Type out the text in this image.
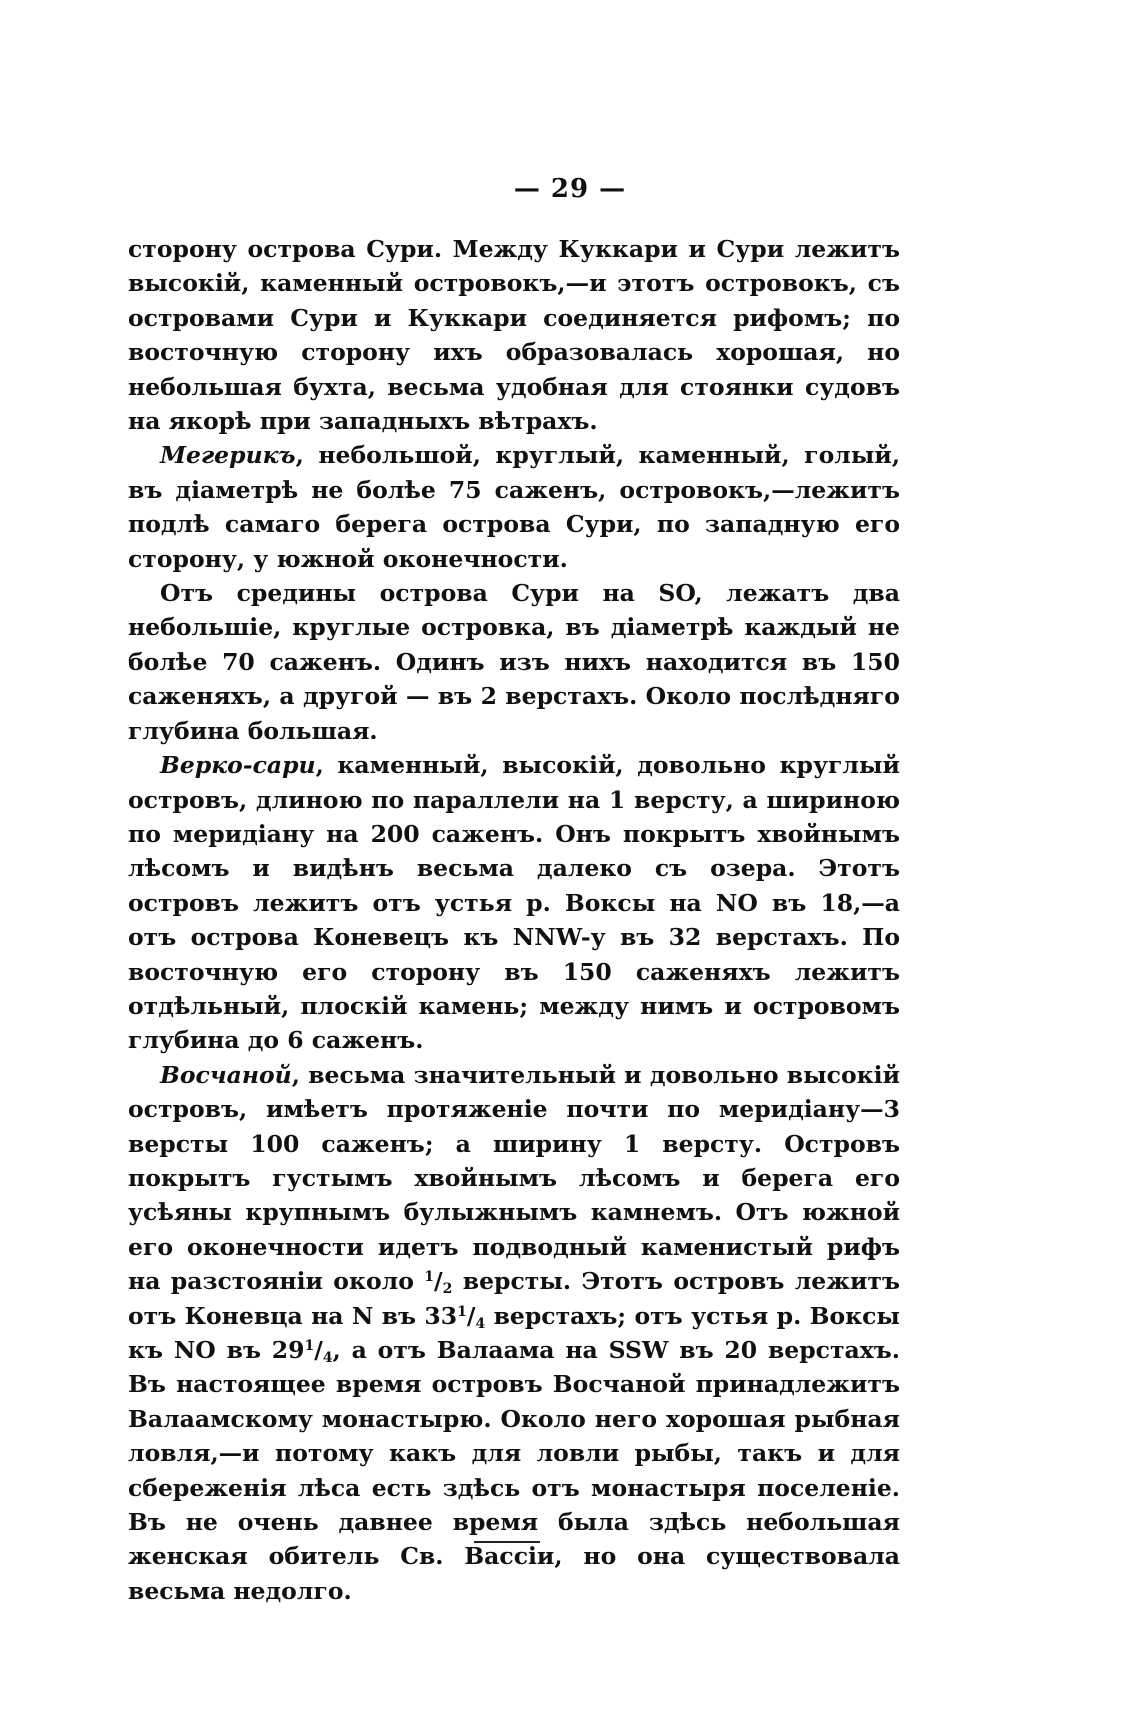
— 29 —

сторону острова Сури. Между Куккари и Сури лежитъ высокій, каменный островокъ,—и этотъ островокъ, съ островами Сури и Куккари соединяется рифомъ; по восточную сторону ихъ образовалась хорошая, но небольшая бухта, весьма удобная для стоянки судовъ на якорѣ при западныхъ вѣтрахъ.

Мегерикъ, небольшой, круглый, каменный, голый, въ діаметрѣ не болѣе 75 саженъ, островокъ,—лежитъ подлѣ самаго берега острова Сури, по западную его сторону, у южной оконечности.

Отъ средины острова Сури на SO, лежатъ два небольшіе, круглые островка, въ діаметрѣ каждый не болѣе 70 саженъ. Одинъ изъ нихъ находится въ 150 саженяхъ, а другой — въ 2 верстахъ. Около послѣдняго глубина большая.

Верко-сари, каменный, высокій, довольно круглый островъ, длиною по параллели на 1 версту, а шириною по меридіану на 200 саженъ. Онъ покрытъ хвойнымъ лѣсомъ и видѣнъ весьма далеко съ озера. Этотъ островъ лежитъ отъ устья р. Воксы на NO въ 18,—а отъ острова Коневецъ къ NNW-у въ 32 верстахъ. По восточную его сторону въ 150 саженяхъ лежитъ отдѣльный, плоскій камень; между нимъ и островомъ глубина до 6 саженъ.

Восчаной, весьма значительный и довольно высокій островъ, имѣетъ протяженіе почти по меридіану—3 версты 100 саженъ; а ширину 1 версту. Островъ покрытъ густымъ хвойнымъ лѣсомъ и берега его усѣяны крупнымъ булыжнымъ камнемъ. Отъ южной его оконечности идетъ подводный каменистый рифъ на разстояніи около $^1$/2 версты. Этотъ островъ лежитъ отъ Коневца на N въ $33^1/4$ верстахъ; отъ устья р. Воксы къ NO въ $29^1/4$, а отъ Валаама на SSW въ 20 верстахъ. Въ настоящее время островъ Восчаной принадлежитъ Валаамскому монастырю. Около него хорошая рыбная ловля,—и потому какъ для ловли рыбы, такъ и для сбереженія лѣса есть здѣсь отъ монастыря поселеніе. Въ не очень давнее время была здѣсь небольшая женская обитель Св. Вассіи, но она существовала весьма недолго.
